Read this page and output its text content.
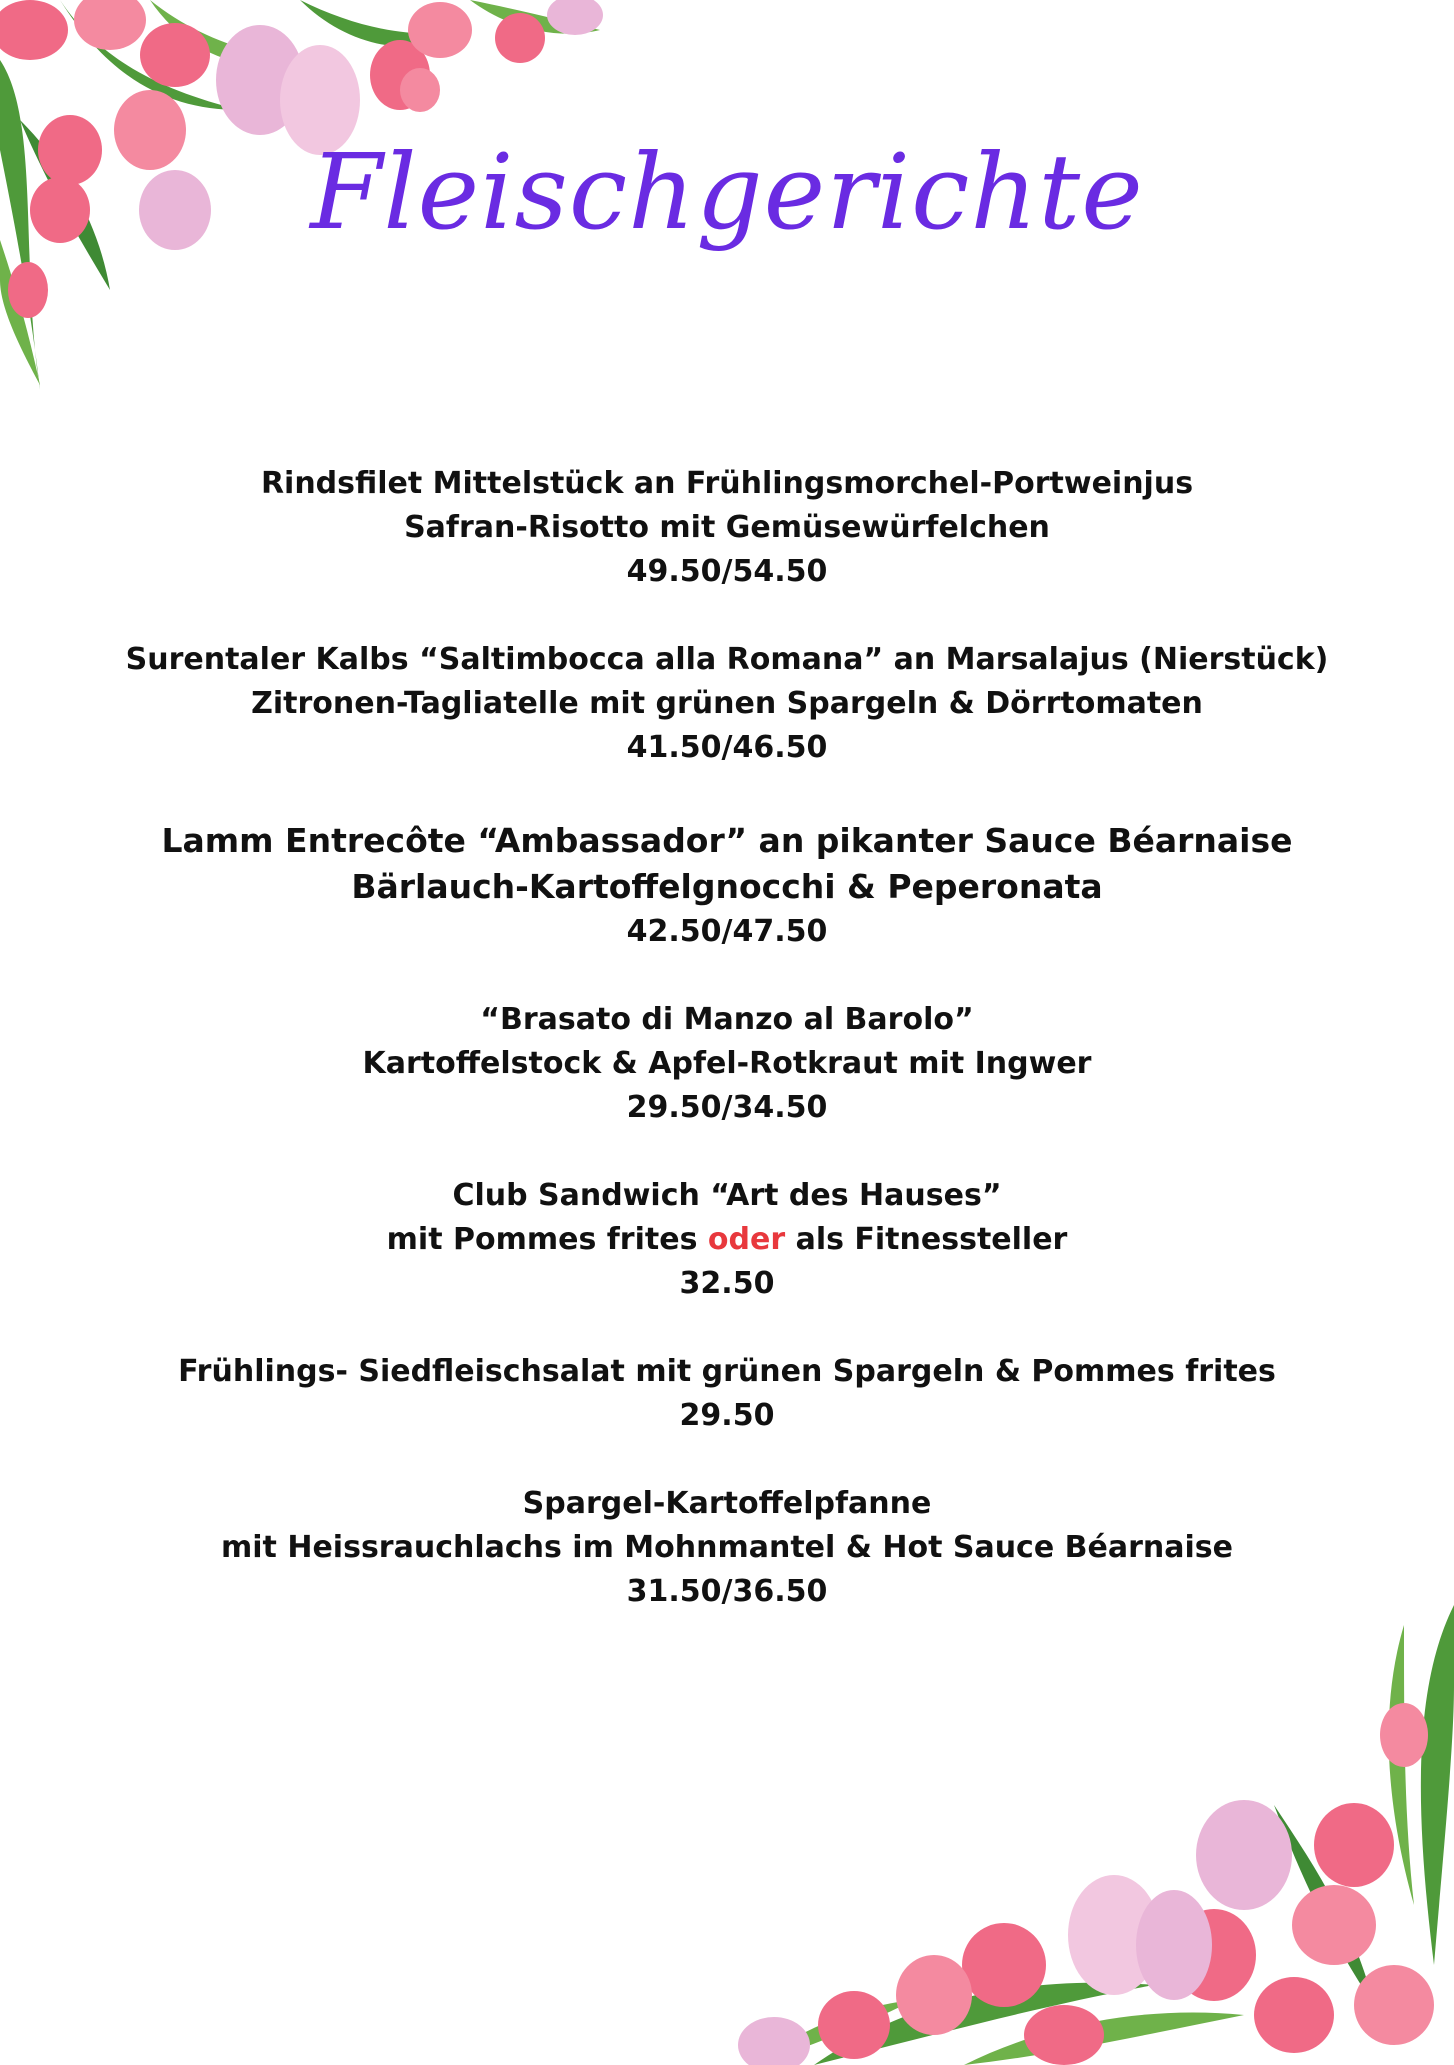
Fleischgerichte
Rindsfilet Mittelstück an Frühlingsmorchel-Portweinjus
Safran-Risotto mit Gemüsewürfelchen
49.50/54.50
Surentaler Kalbs “Saltimbocca alla Romana” an Marsalajus (Nierstück)
Zitronen-Tagliatelle mit grünen Spargeln & Dörrtomaten
41.50/46.50
Lamm Entrecôte “Ambassador” an pikanter Sauce Béarnaise
Bärlauch-Kartoffelgnocchi & Peperonata
42.50/47.50
“Brasato di Manzo al Barolo”
Kartoffelstock & Apfel-Rotkraut mit Ingwer
29.50/34.50
Club Sandwich “Art des Hauses”
mit Pommes frites oder als Fitnessteller
32.50
Frühlings- Siedfleischsalat mit grünen Spargeln & Pommes frites
29.50
Spargel-Kartoffelpfanne
mit Heissrauchlachs im Mohnmantel & Hot Sauce Béarnaise
31.50/36.50
